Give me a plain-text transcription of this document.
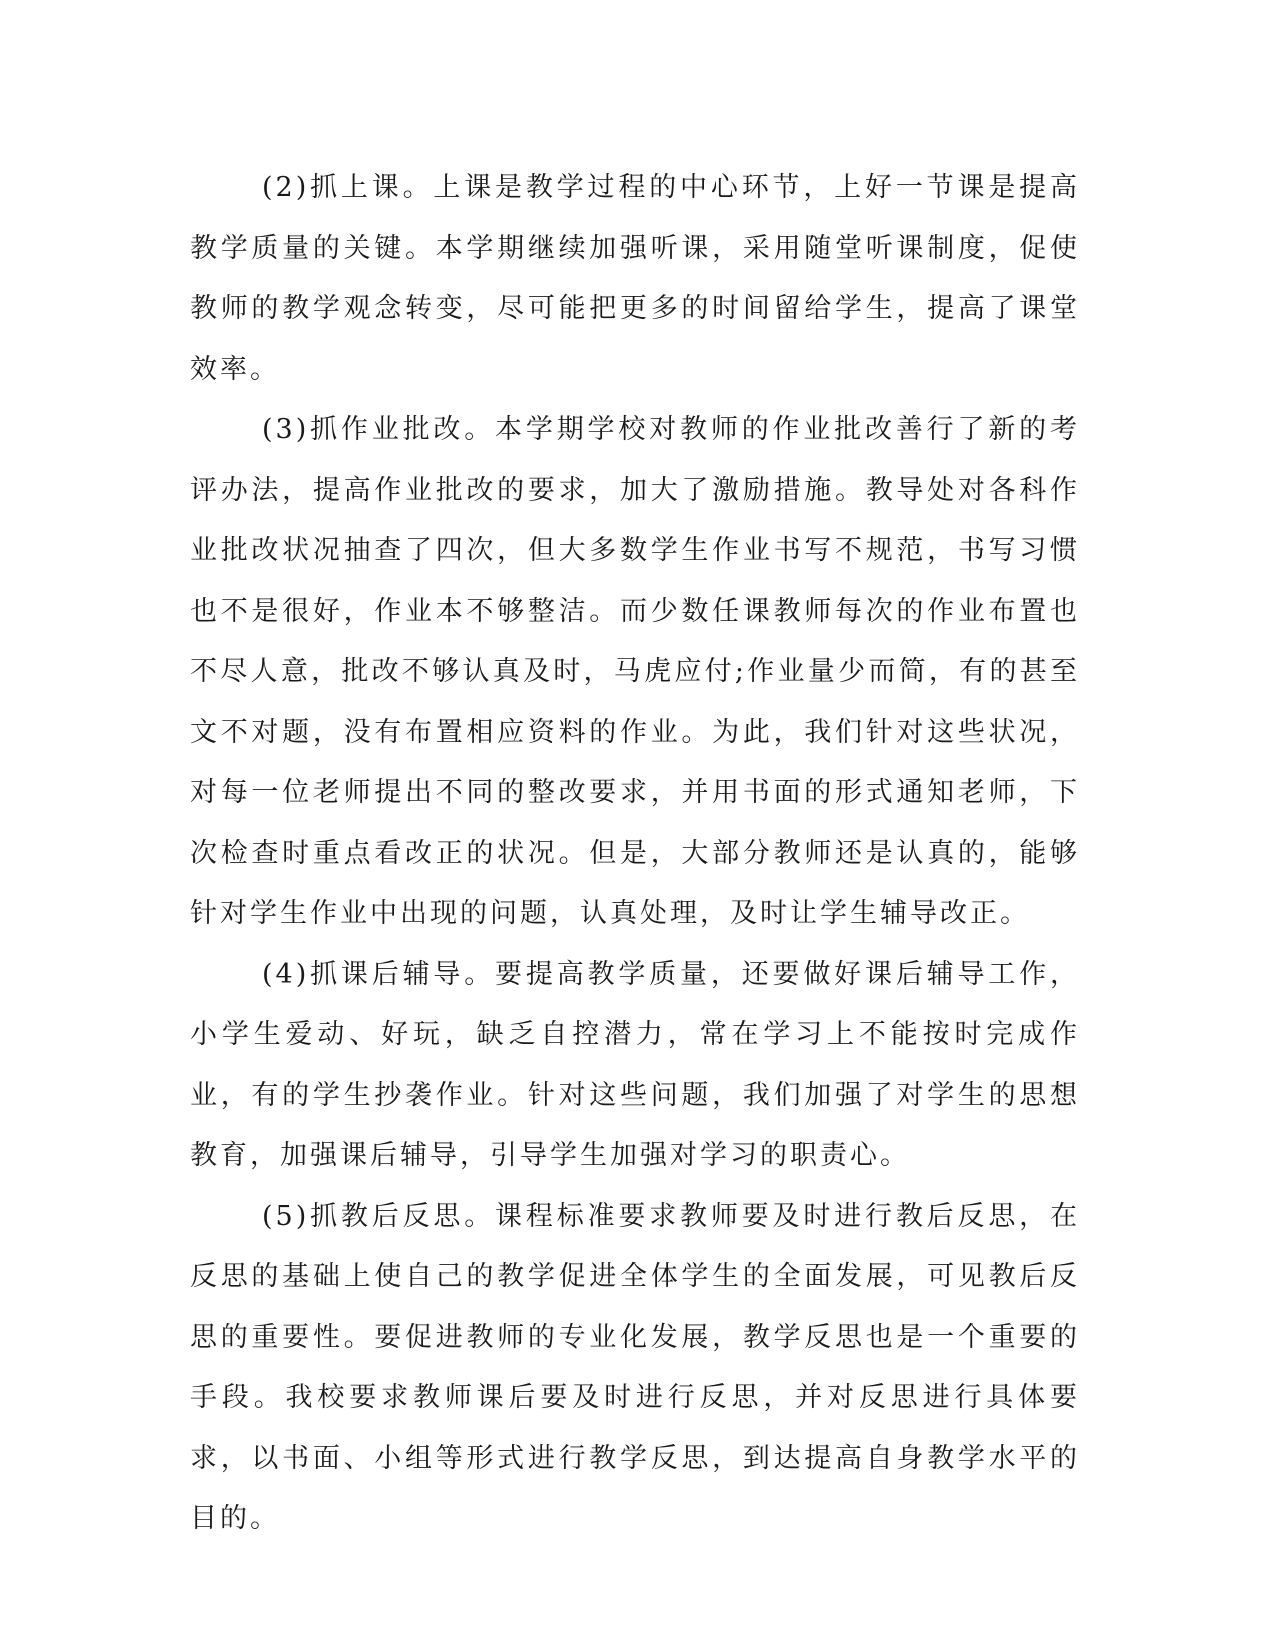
(2)抓上课。上课是教学过程的中心环节，上好一节课是提高教学质量的关键。本学期继续加强听课，采用随堂听课制度，促使教师的教学观念转变，尽可能把更多的时间留给学生，提高了课堂效率。

(3)抓作业批改。本学期学校对教师的作业批改善行了新的考评办法，提高作业批改的要求，加大了激励措施。教导处对各科作业批改状况抽查了四次，但大多数学生作业书写不规范，书写习惯也不是很好，作业本不够整洁。而少数任课教师每次的作业布置也不尽人意，批改不够认真及时，马虎应付;作业量少而简，有的甚至文不对题，没有布置相应资料的作业。为此，我们针对这些状况，对每一位老师提出不同的整改要求，并用书面的形式通知老师，下次检查时重点看改正的状况。但是，大部分教师还是认真的，能够针对学生作业中出现的问题，认真处理，及时让学生辅导改正。

(4)抓课后辅导。要提高教学质量，还要做好课后辅导工作，小学生爱动、好玩，缺乏自控潜力，常在学习上不能按时完成作业，有的学生抄袭作业。针对这些问题，我们加强了对学生的思想教育，加强课后辅导，引导学生加强对学习的职责心。

(5)抓教后反思。课程标准要求教师要及时进行教后反思，在反思的基础上使自己的教学促进全体学生的全面发展，可见教后反思的重要性。要促进教师的专业化发展，教学反思也是一个重要的手段。我校要求教师课后要及时进行反思，并对反思进行具体要求，以书面、小组等形式进行教学反思，到达提高自身教学水平的目的。
